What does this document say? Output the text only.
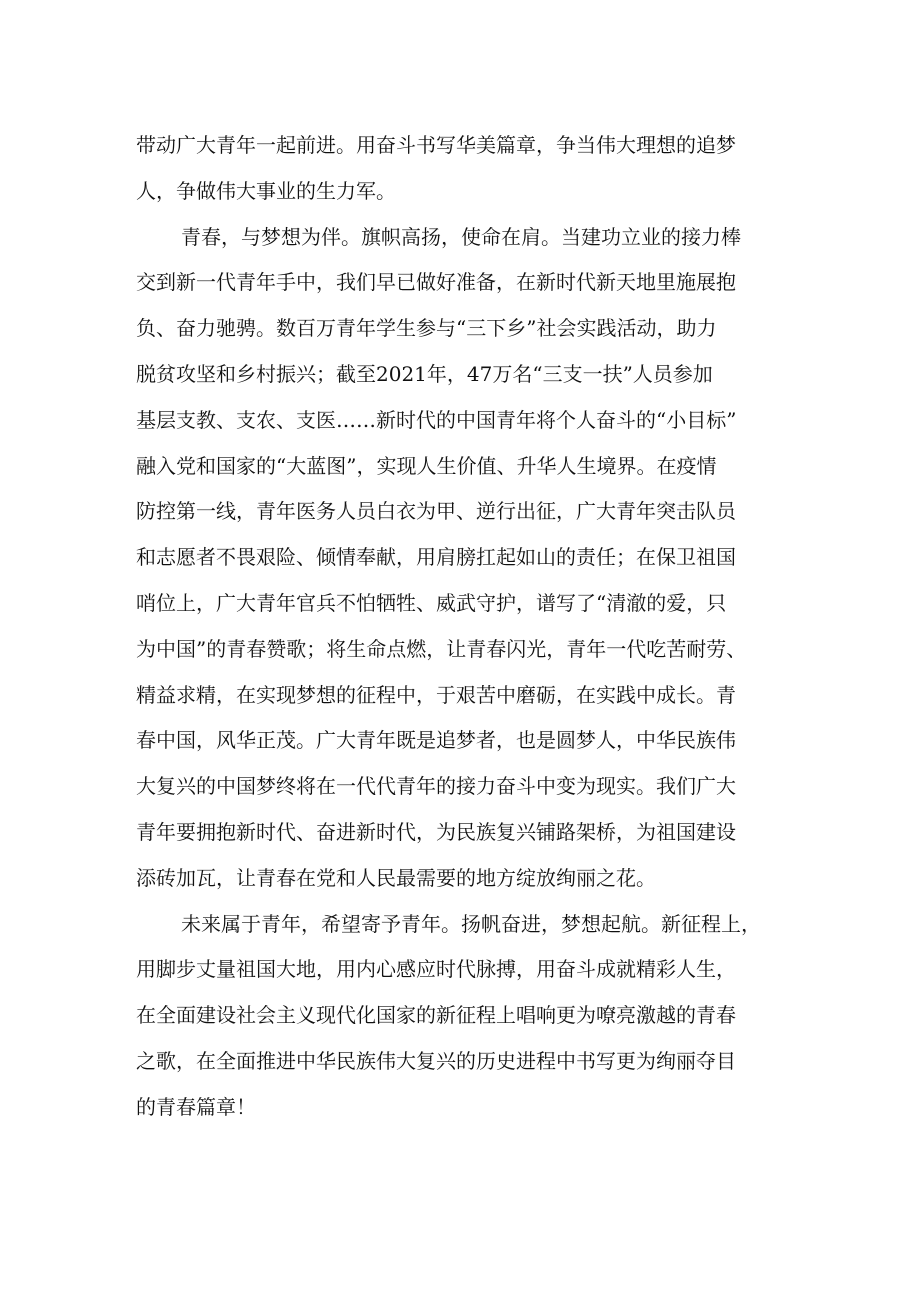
带动广大青年一起前进。用奋斗书写华美篇章，争当伟大理想的追梦
人，争做伟大事业的生力军。
青春，与梦想为伴。旗帜高扬，使命在肩。当建功立业的接力棒
交到新一代青年手中，我们早已做好准备，在新时代新天地里施展抱
负、奋力驰骋。数百万青年学生参与“三下乡”社会实践活动，助力
脱贫攻坚和乡村振兴；截至2021年，47万名“三支一扶”人员参加
基层支教、支农、支医……新时代的中国青年将个人奋斗的“小目标”
融入党和国家的“大蓝图”，实现人生价值、升华人生境界。在疫情
防控第一线，青年医务人员白衣为甲、逆行出征，广大青年突击队员
和志愿者不畏艰险、倾情奉献，用肩膀扛起如山的责任；在保卫祖国
哨位上，广大青年官兵不怕牺牲、威武守护，谱写了“清澈的爱，只
为中国”的青春赞歌；将生命点燃，让青春闪光，青年一代吃苦耐劳、
精益求精，在实现梦想的征程中，于艰苦中磨砺，在实践中成长。青
春中国，风华正茂。广大青年既是追梦者，也是圆梦人，中华民族伟
大复兴的中国梦终将在一代代青年的接力奋斗中变为现实。我们广大
青年要拥抱新时代、奋进新时代，为民族复兴铺路架桥，为祖国建设
添砖加瓦，让青春在党和人民最需要的地方绽放绚丽之花。
未来属于青年，希望寄予青年。扬帆奋进，梦想起航。新征程上，
用脚步丈量祖国大地，用内心感应时代脉搏，用奋斗成就精彩人生，
在全面建设社会主义现代化国家的新征程上唱响更为嘹亮激越的青春
之歌，在全面推进中华民族伟大复兴的历史进程中书写更为绚丽夺目
的青春篇章！
